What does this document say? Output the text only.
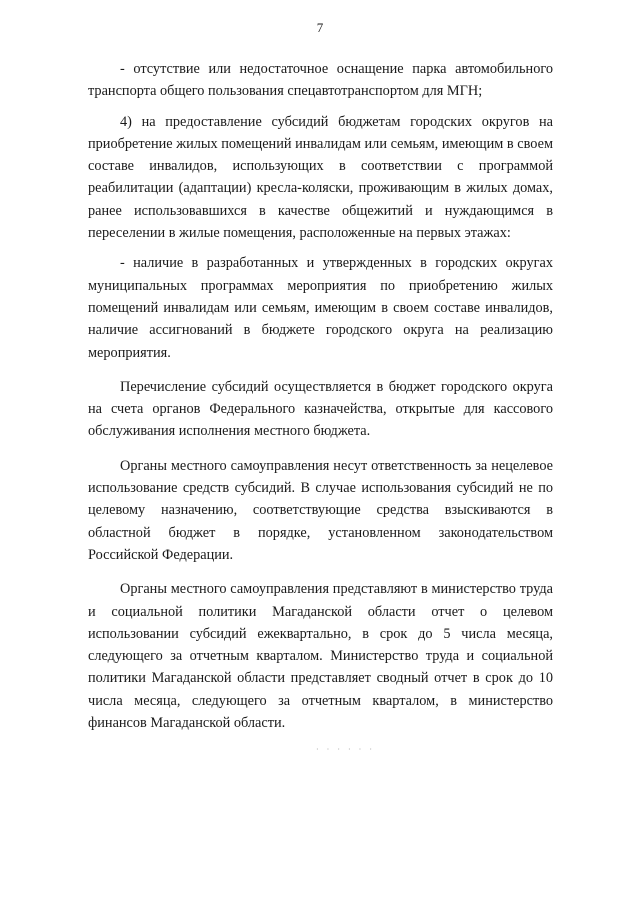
7

- отсутствие или недостаточное оснащение парка автомобильного транспорта общего пользования спецавтотранспортом для МГН;

4) на предоставление субсидий бюджетам городских округов на приобретение жилых помещений инвалидам или семьям, имеющим в своем составе инвалидов, использующих в соответствии с программой реабилитации (адаптации) кресла-коляски, проживающим в жилых домах, ранее использовавшихся в качестве общежитий и нуждающимся в переселении в жилые помещения, расположенные на первых этажах:

- наличие в разработанных и утвержденных в городских округах муниципальных программах мероприятия по приобретению жилых помещений инвалидам или семьям, имеющим в своем составе инвалидов, наличие ассигнований в бюджете городского округа на реализацию мероприятия.

Перечисление субсидий осуществляется в бюджет городского округа на счета органов Федерального казначейства, открытые для кассового обслуживания исполнения местного бюджета.

Органы местного самоуправления несут ответственность за нецелевое использование средств субсидий. В случае использования субсидий не по целевому назначению, соответствующие средства взыскиваются в областной бюджет в порядке, установленном законодательством Российской Федерации.

Органы местного самоуправления представляют в министерство труда и социальной политики Магаданской области отчет о целевом использовании субсидий ежеквартально, в срок до 5 числа месяца, следующего за отчетным кварталом. Министерство труда и социальной политики Магаданской области представляет сводный отчет в срок до 10 числа месяца, следующего за отчетным кварталом, в министерство финансов Магаданской области.

· · · · · ·
